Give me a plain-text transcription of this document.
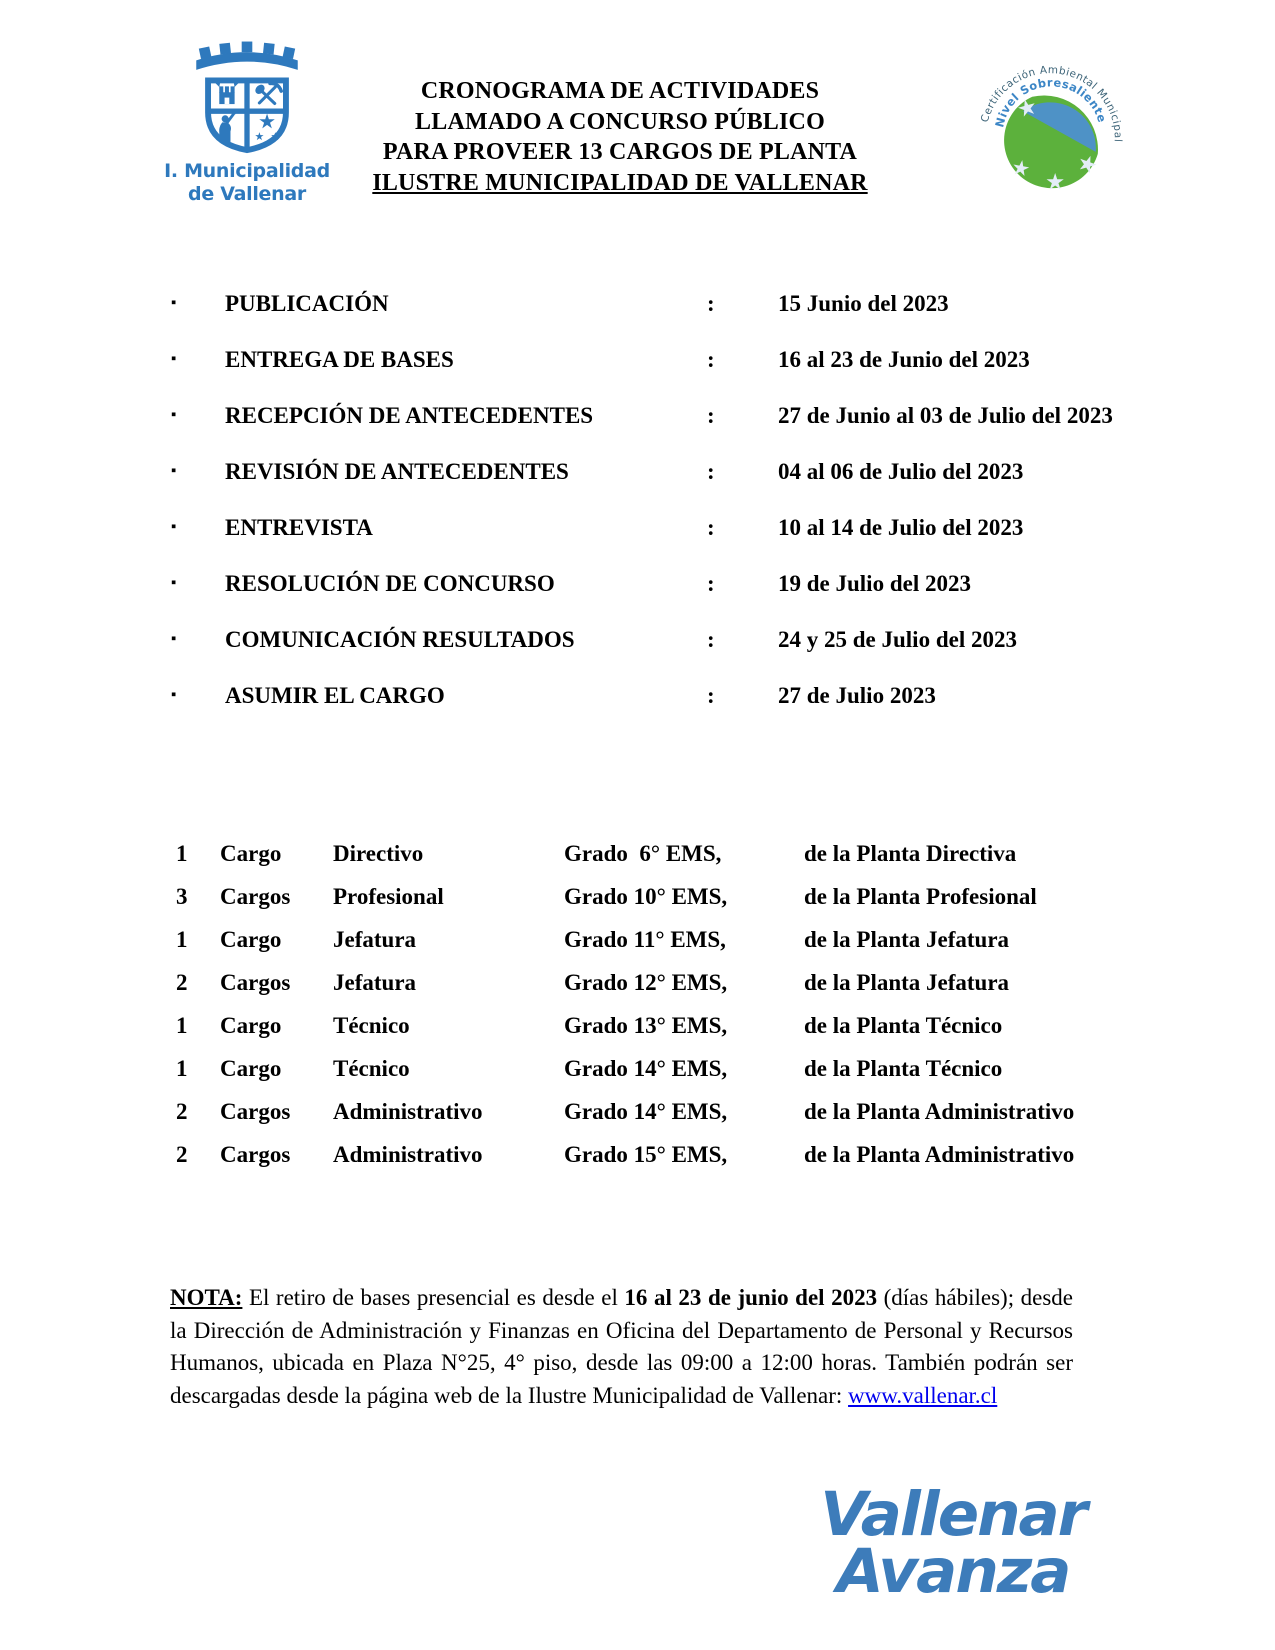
I. Municipalidad
de Vallenar
CRONOGRAMA DE ACTIVIDADES
LLAMADO A CONCURSO PÚBLICO
PARA PROVEER 13 CARGOS DE PLANTA
ILUSTRE MUNICIPALIDAD DE VALLENAR
Certificación Ambiental Municipal
Nivel Sobresaliente
▪	PUBLICACIÓN	:	15 Junio del 2023
▪	ENTREGA DE BASES	:	16 al 23 de Junio del 2023
▪	RECEPCIÓN DE ANTECEDENTES	:	27 de Junio al 03 de Julio del 2023
▪	REVISIÓN DE ANTECEDENTES	:	04 al 06 de Julio del 2023
▪	ENTREVISTA	:	10 al 14 de Julio del 2023
▪	RESOLUCIÓN DE CONCURSO	:	19 de Julio del 2023
▪	COMUNICACIÓN RESULTADOS	:	24 y 25 de Julio del 2023
▪	ASUMIR EL CARGO	:	27 de Julio 2023
1	Cargo	Directivo	Grado  6° EMS,	de la Planta Directiva
3	Cargos	Profesional	Grado 10° EMS,	de la Planta Profesional
1	Cargo	Jefatura	Grado 11° EMS,	de la Planta Jefatura
2	Cargos	Jefatura	Grado 12° EMS,	de la Planta Jefatura
1	Cargo	Técnico	Grado 13° EMS,	de la Planta Técnico
1	Cargo	Técnico	Grado 14° EMS,	de la Planta Técnico
2	Cargos	Administrativo	Grado 14° EMS,	de la Planta Administrativo
2	Cargos	Administrativo	Grado 15° EMS,	de la Planta Administrativo

NOTA: El retiro de bases presencial es desde el 16 al 23 de junio del 2023 (días hábiles); desde la Dirección de Administración y Finanzas en Oficina del Departamento de Personal y Recursos Humanos, ubicada en Plaza N°25, 4° piso, desde las 09:00 a 12:00 horas. También podrán ser descargadas desde la página web de la Ilustre Municipalidad de Vallenar: www.vallenar.cl

Vallenar
Avanza
